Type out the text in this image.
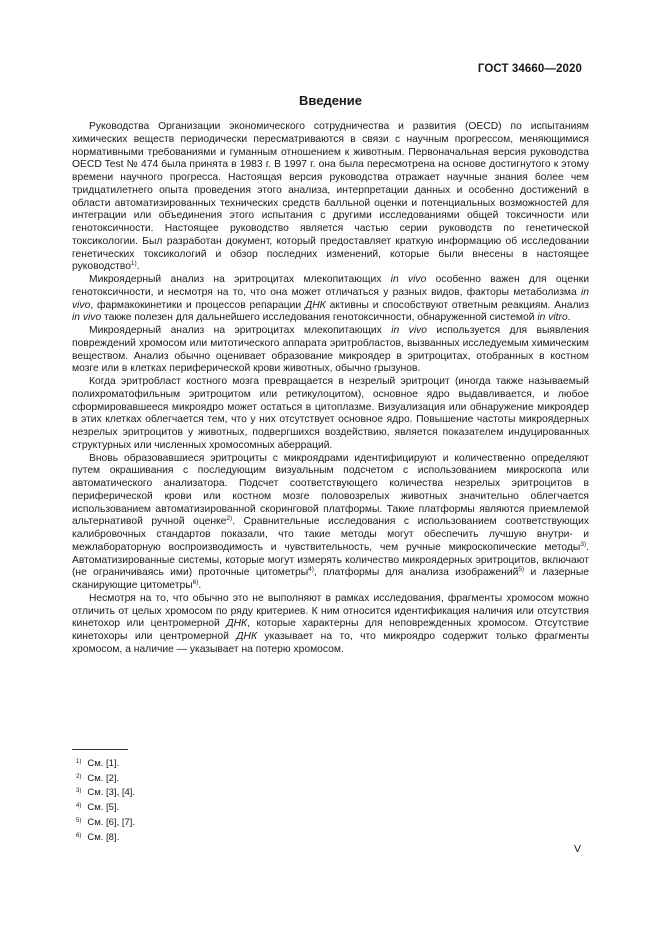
ГОСТ 34660—2020
Введение

Руководства Организации экономического сотрудничества и развития (OECD) по испытаниям химических веществ периодически пересматриваются в связи с научным прогрессом, меняющимися нормативными требованиями и гуманным отношением к животным. Первоначальная версия руководства OECD Test № 474 была принята в 1983 г. В 1997 г. она была пересмотрена на основе достигнутого к этому времени научного прогресса. Настоящая версия руководства отражает научные знания более чем тридцатилетнего опыта проведения этого анализа, интерпретации данных и особенно достижений в области автоматизированных технических средств балльной оценки и потенциальных возможностей для интеграции или объединения этого испытания с другими исследованиями общей токсичности или генотоксичности. Настоящее руководство является частью серии руководств по генетической токсикологии. Был разработан документ, который предоставляет краткую информацию об исследовании генетических токсикологий и обзор последних изменений, которые были внесены в настоящее руководство$^{1)}$.

Микроядерный анализ на эритроцитах млекопитающих in vivo особенно важен для оценки генотоксичности, и несмотря на то, что она может отличаться у разных видов, факторы метаболизма in vivo, фармакокинетики и процессов репарации ДНК активны и способствуют ответным реакциям. Анализ in vivo также полезен для дальнейшего исследования генотоксичности, обнаруженной системой in vitro.

Микроядерный анализ на эритроцитах млекопитающих in vivo используется для выявления повреждений хромосом или митотического аппарата эритробластов, вызванных исследуемым химическим веществом. Анализ обычно оценивает образование микроядер в эритроцитах, отобранных в костном мозге или в клетках периферической крови животных, обычно грызунов.

Когда эритробласт костного мозга превращается в незрелый эритроцит (иногда также называемый полихроматофильным эритроцитом или ретикулоцитом), основное ядро выдавливается, и любое сформировавшееся микроядро может остаться в цитоплазме. Визуализация или обнаружение микроядер в этих клетках облегчается тем, что у них отсутствует основное ядро. Повышение частоты микроядерных незрелых эритроцитов у животных, подвергшихся воздействию, является показателем индуцированных структурных или численных хромосомных аберраций.

Вновь образовавшиеся эритроциты с микроядрами идентифицируют и количественно определяют путем окрашивания с последующим визуальным подсчетом с использованием микроскопа или автоматического анализатора. Подсчет соответствующего количества незрелых эритроцитов в периферической крови или костном мозге половозрелых животных значительно облегчается использованием автоматизированной скоринговой платформы. Такие платформы являются приемлемой альтернативой ручной оценке$^{2)}$. Сравнительные исследования с использованием соответствующих калибровочных стандартов показали, что такие методы могут обеспечить лучшую внутри- и межлабораторную воспроизводимость и чувствительность, чем ручные микроскопические методы$^{3)}$. Автоматизированные системы, которые могут измерять количество микроядерных эритроцитов, включают (не ограничиваясь ими) проточные цитометры$^{4)}$, платформы для анализа изображений$^{5)}$ и лазерные сканирующие цитометры$^{6)}$.

Несмотря на то, что обычно это не выполняют в рамках исследования, фрагменты хромосом можно отличить от целых хромосом по ряду критериев. К ним относится идентификация наличия или отсутствия кинетохор или центромерной ДНК, которые характерны для неповрежденных хромосом. Отсутствие кинетохоры или центромерной ДНК указывает на то, что микроядро содержит только фрагменты хромосом, а наличие — указывает на потерю хромосом.

$^{1)}$ См. [1].
$^{2)}$ См. [2].
$^{3)}$ См. [3], [4].
$^{4)}$ См. [5].
$^{5)}$ См. [6], [7].
$^{6)}$ См. [8].
V
